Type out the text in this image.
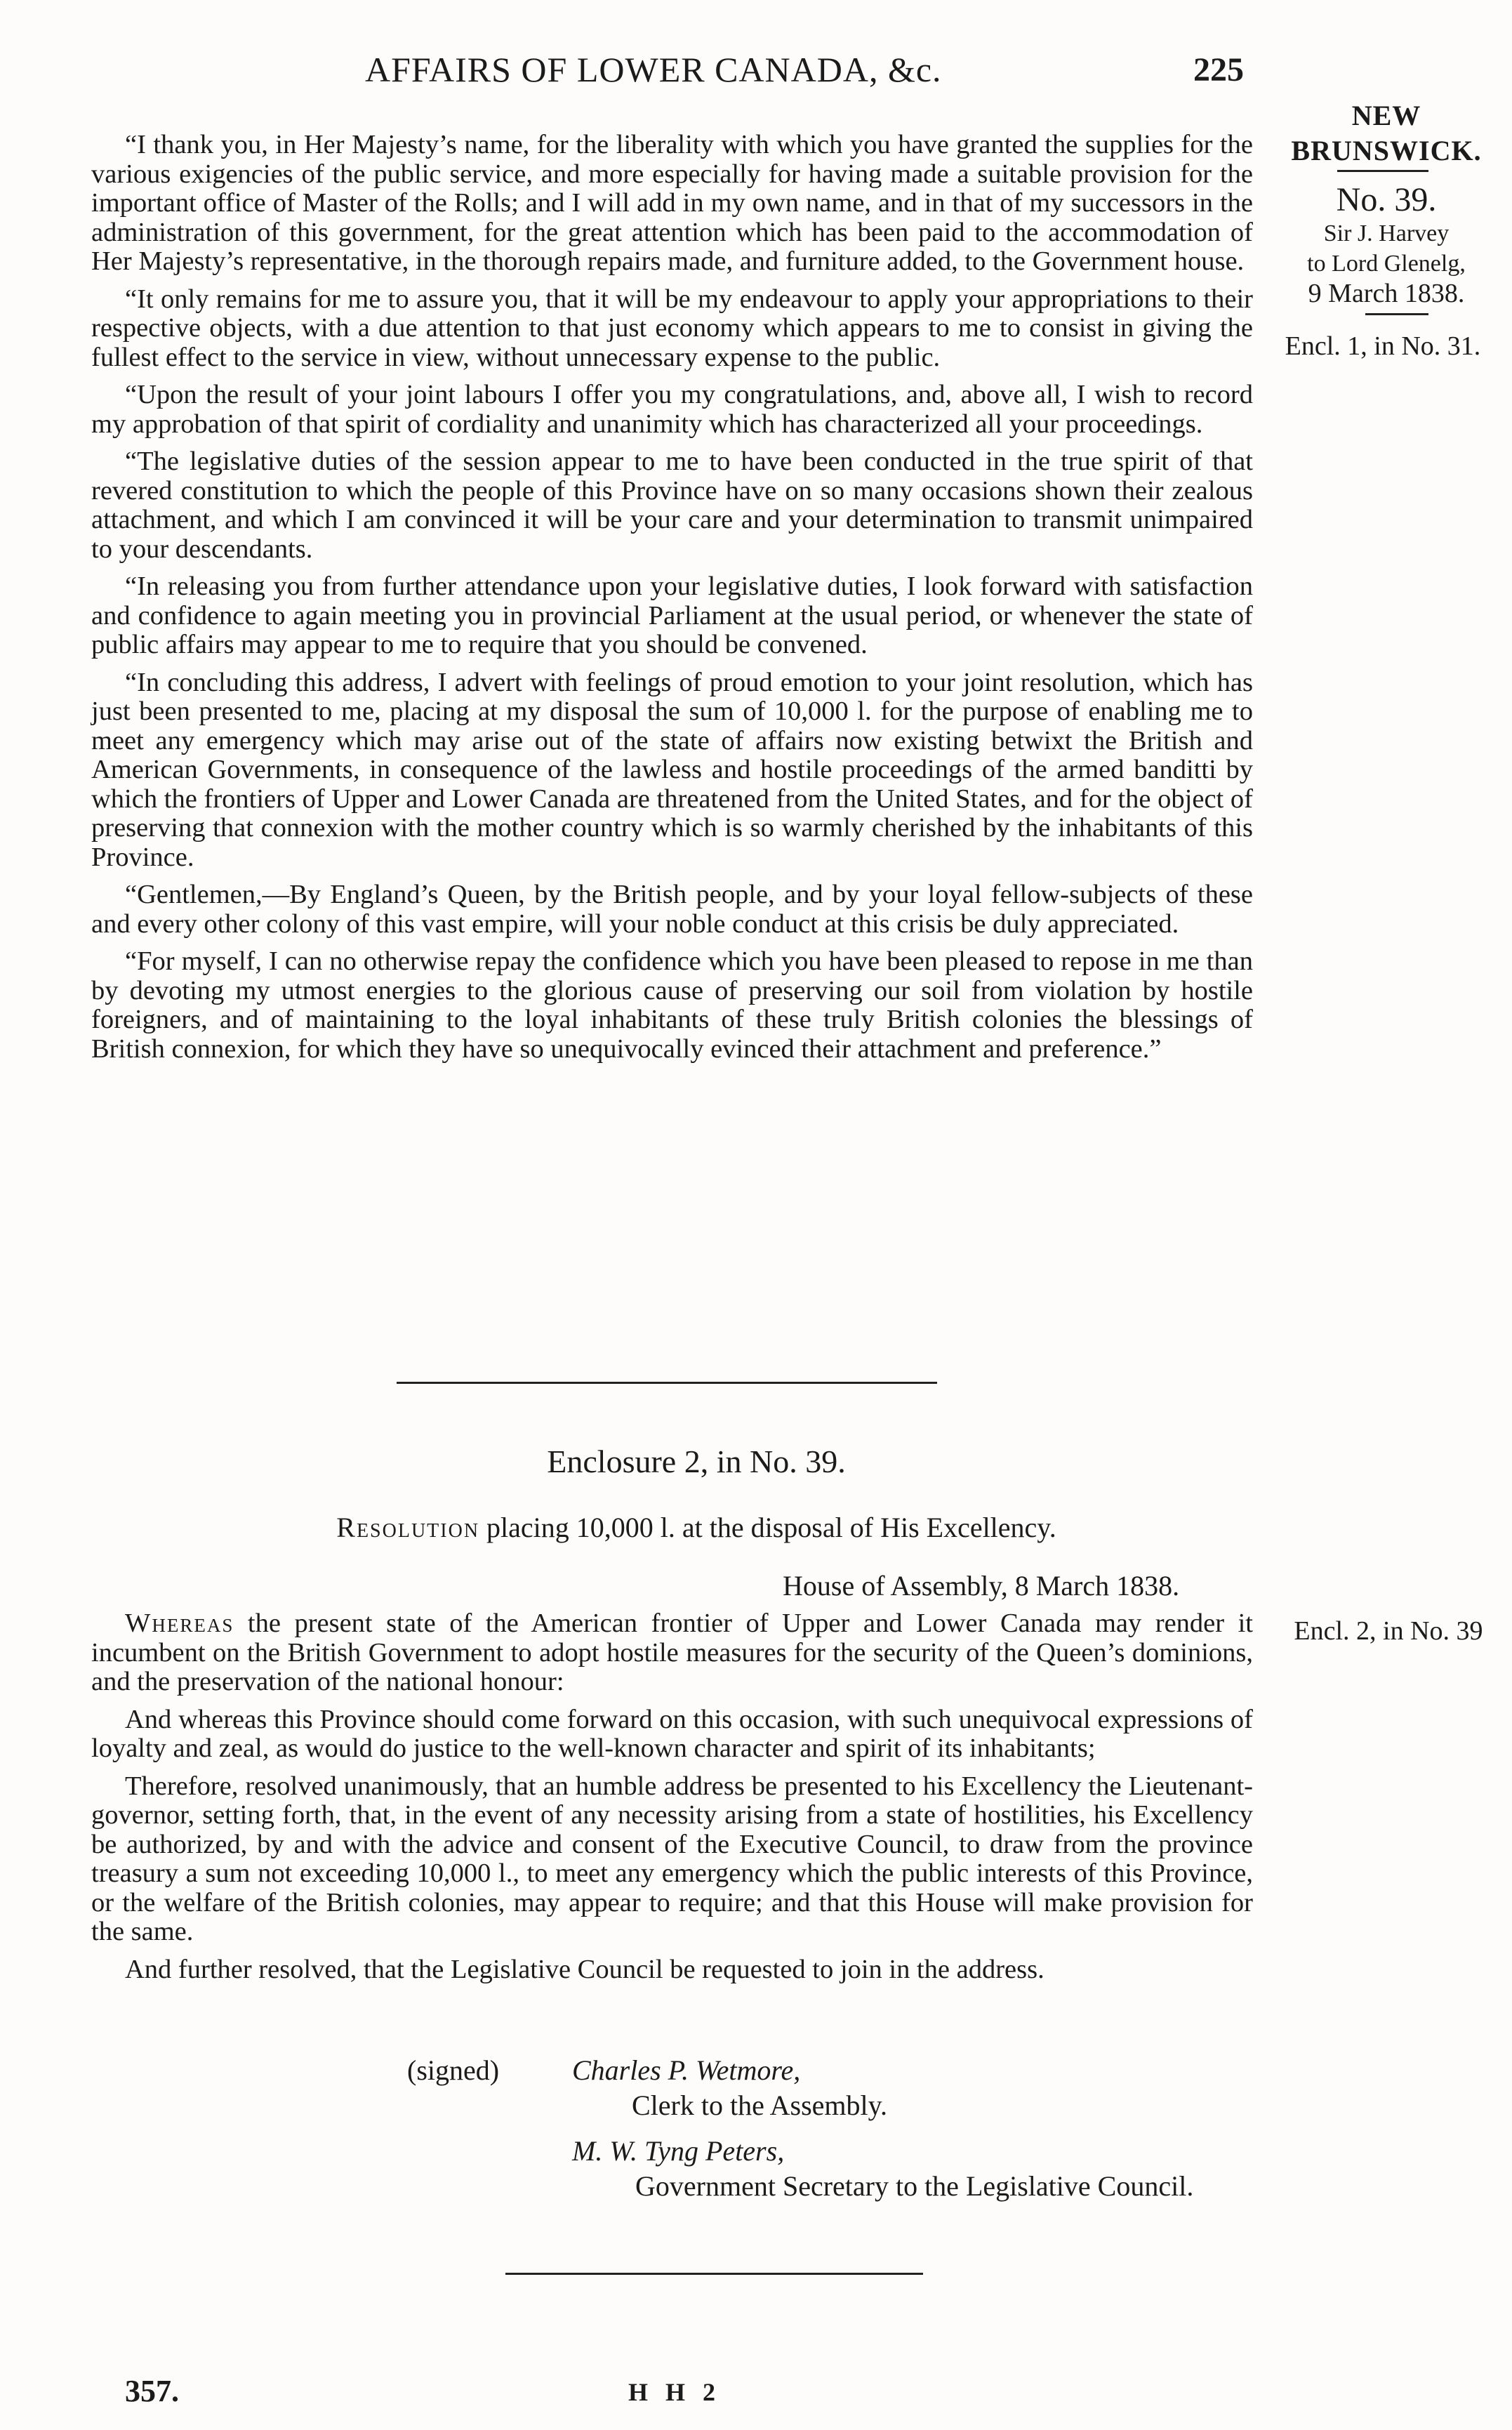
AFFAIRS OF LOWER CANADA, &c.	225
NEW BRUNSWICK.
No. 39.
Sir J. Harvey
to Lord Glenelg,
9 March 1838.
Encl. 1, in No. 31.
Encl. 2, in No. 39

“I thank you, in Her Majesty’s name, for the liberality with which you have granted the supplies for the various exigencies of the public service, and more especially for having made a suitable provision for the important office of Master of the Rolls; and I will add in my own name, and in that of my successors in the administration of this government, for the great attention which has been paid to the accommodation of Her Majesty’s representative, in the thorough repairs made, and furniture added, to the Government house.

“It only remains for me to assure you, that it will be my endeavour to apply your appropriations to their respective objects, with a due attention to that just economy which appears to me to consist in giving the fullest effect to the service in view, without unnecessary expense to the public.

“Upon the result of your joint labours I offer you my congratulations, and, above all, I wish to record my approbation of that spirit of cordiality and unanimity which has characterized all your proceedings.

“The legislative duties of the session appear to me to have been conducted in the true spirit of that revered constitution to which the people of this Province have on so many occasions shown their zealous attachment, and which I am convinced it will be your care and your determination to transmit unimpaired to your descendants.

“In releasing you from further attendance upon your legislative duties, I look forward with satisfaction and confidence to again meeting you in provincial Parliament at the usual period, or whenever the state of public affairs may appear to me to require that you should be convened.

“In concluding this address, I advert with feelings of proud emotion to your joint resolution, which has just been presented to me, placing at my disposal the sum of 10,000 l. for the purpose of enabling me to meet any emergency which may arise out of the state of affairs now existing betwixt the British and American Governments, in consequence of the lawless and hostile proceedings of the armed banditti by which the frontiers of Upper and Lower Canada are threatened from the United States, and for the object of preserving that connexion with the mother country which is so warmly cherished by the inhabitants of this Province.

“Gentlemen,—By England’s Queen, by the British people, and by your loyal fellow-subjects of these and every other colony of this vast empire, will your noble conduct at this crisis be duly appreciated.

“For myself, I can no otherwise repay the confidence which you have been pleased to repose in me than by devoting my utmost energies to the glorious cause of preserving our soil from violation by hostile foreigners, and of maintaining to the loyal inhabitants of these truly British colonies the blessings of British connexion, for which they have so unequivocally evinced their attachment and preference.”

Enclosure 2, in No. 39.
Resolution placing 10,000 l. at the disposal of His Excellency.
House of Assembly, 8 March 1838.

Whereas the present state of the American frontier of Upper and Lower Canada may render it incumbent on the British Government to adopt hostile measures for the security of the Queen’s dominions, and the preservation of the national honour:

And whereas this Province should come forward on this occasion, with such unequivocal expressions of loyalty and zeal, as would do justice to the well-known character and spirit of its inhabitants;

Therefore, resolved unanimously, that an humble address be presented to his Excellency the Lieutenant-governor, setting forth, that, in the event of any necessity arising from a state of hostilities, his Excellency be authorized, by and with the advice and consent of the Executive Council, to draw from the province treasury a sum not exceeding 10,000 l., to meet any emergency which the public interests of this Province, or the welfare of the British colonies, may appear to require; and that this House will make provision for the same.

And further resolved, that the Legislative Council be requested to join in the address.

(signed)	Charles P. Wetmore,
Clerk to the Assembly.
M. W. Tyng Peters,
Government Secretary to the Legislative Council.
357.	H H 2
